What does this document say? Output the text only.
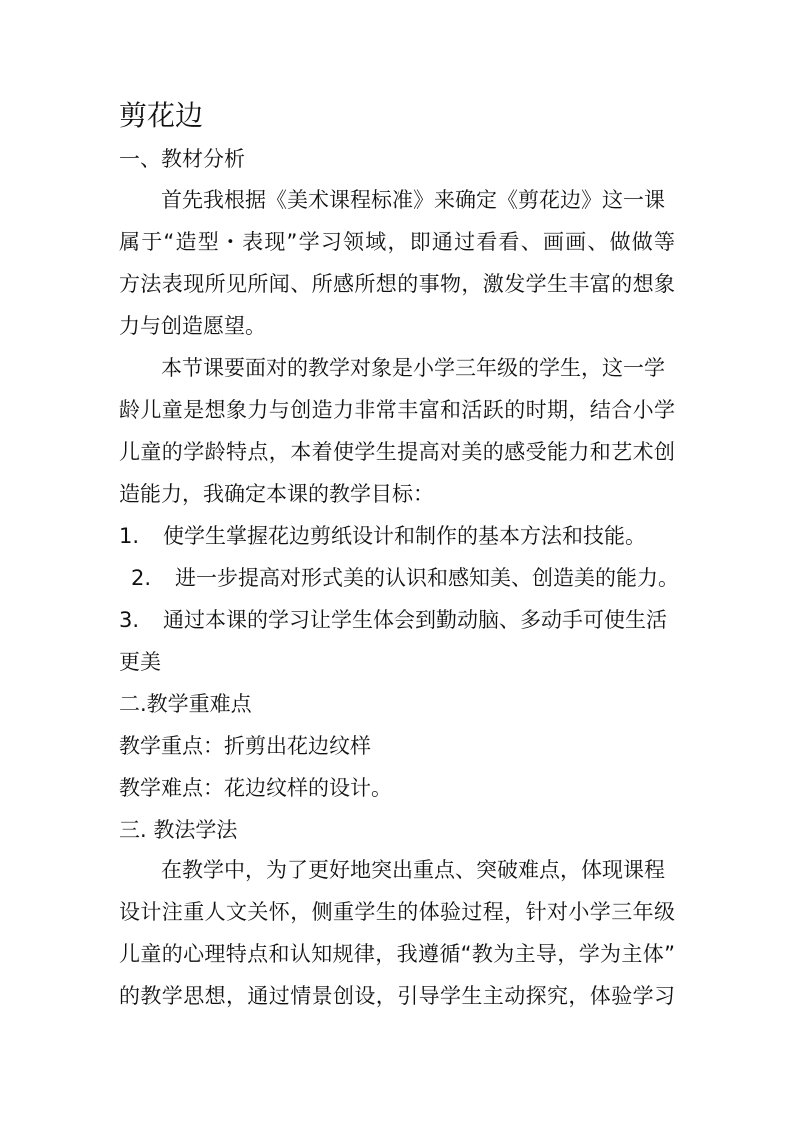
剪花边
一、教材分析
首先我根据《美术课程标准》来确定《剪花边》这一课
属于“造型・表现”学习领域，即通过看看、画画、做做等
方法表现所见所闻、所感所想的事物，激发学生丰富的想象
力与创造愿望。
本节课要面对的教学对象是小学三年级的学生，这一学
龄儿童是想象力与创造力非常丰富和活跃的时期，结合小学
儿童的学龄特点，本着使学生提高对美的感受能力和艺术创
造能力，我确定本课的教学目标：
1. 使学生掌握花边剪纸设计和制作的基本方法和技能。
2. 进一步提高对形式美的认识和感知美、创造美的能力。
3. 通过本课的学习让学生体会到勤动脑、多动手可使生活
更美
二.教学重难点
教学重点：折剪出花边纹样
教学难点：花边纹样的设计。
三. 教法学法
在教学中，为了更好地突出重点、突破难点，体现课程
设计注重人文关怀，侧重学生的体验过程，针对小学三年级
儿童的心理特点和认知规律，我遵循“教为主导，学为主体”
的教学思想，通过情景创设，引导学生主动探究，体验学习
